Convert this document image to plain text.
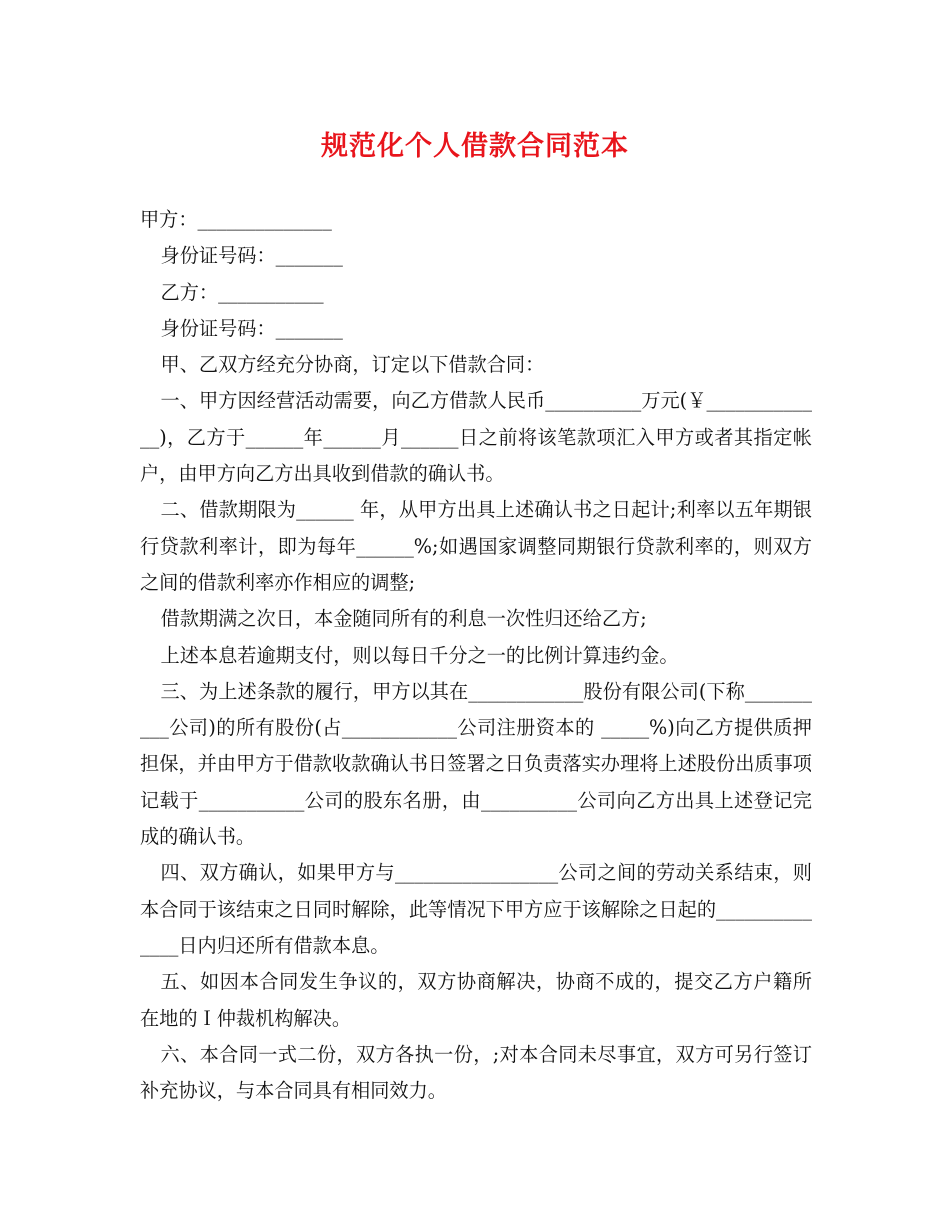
规范化个人借款合同范本

甲方：______________

身份证号码：_______

乙方：___________

身份证号码：_______

甲、乙双方经充分协商，订定以下借款合同：

一、甲方因经营活动需要，向乙方借款人民币__________万元(￥_____________)，乙方于______年______月______日之前将该笔款项汇入甲方或者其指定帐户，由甲方向乙方出具收到借款的确认书。

二、借款期限为______ 年，从甲方出具上述确认书之日起计;利率以五年期银行贷款利率计，即为每年______%;如遇国家调整同期银行贷款利率的，则双方之间的借款利率亦作相应的调整;

借款期满之次日，本金随同所有的利息一次性归还给乙方;

上述本息若逾期支付，则以每日千分之一的比例计算违约金。

三、为上述条款的履行，甲方以其在____________股份有限公司(下称__________公司)的所有股份(占____________公司注册资本的 _____%)向乙方提供质押担保，并由甲方于借款收款确认书日签署之日负责落实办理将上述股份出质事项记载于___________公司的股东名册，由__________公司向乙方出具上述登记完成的确认书。

四、双方确认，如果甲方与_________________公司之间的劳动关系结束，则本合同于该结束之日同时解除，此等情况下甲方应于该解除之日起的______________日内归还所有借款本息。

五、如因本合同发生争议的，双方协商解决，协商不成的，提交乙方户籍所在地的Ｉ仲裁机构解决。

六、本合同一式二份，双方各执一份，;对本合同未尽事宜，双方可另行签订补充协议，与本合同具有相同效力。
